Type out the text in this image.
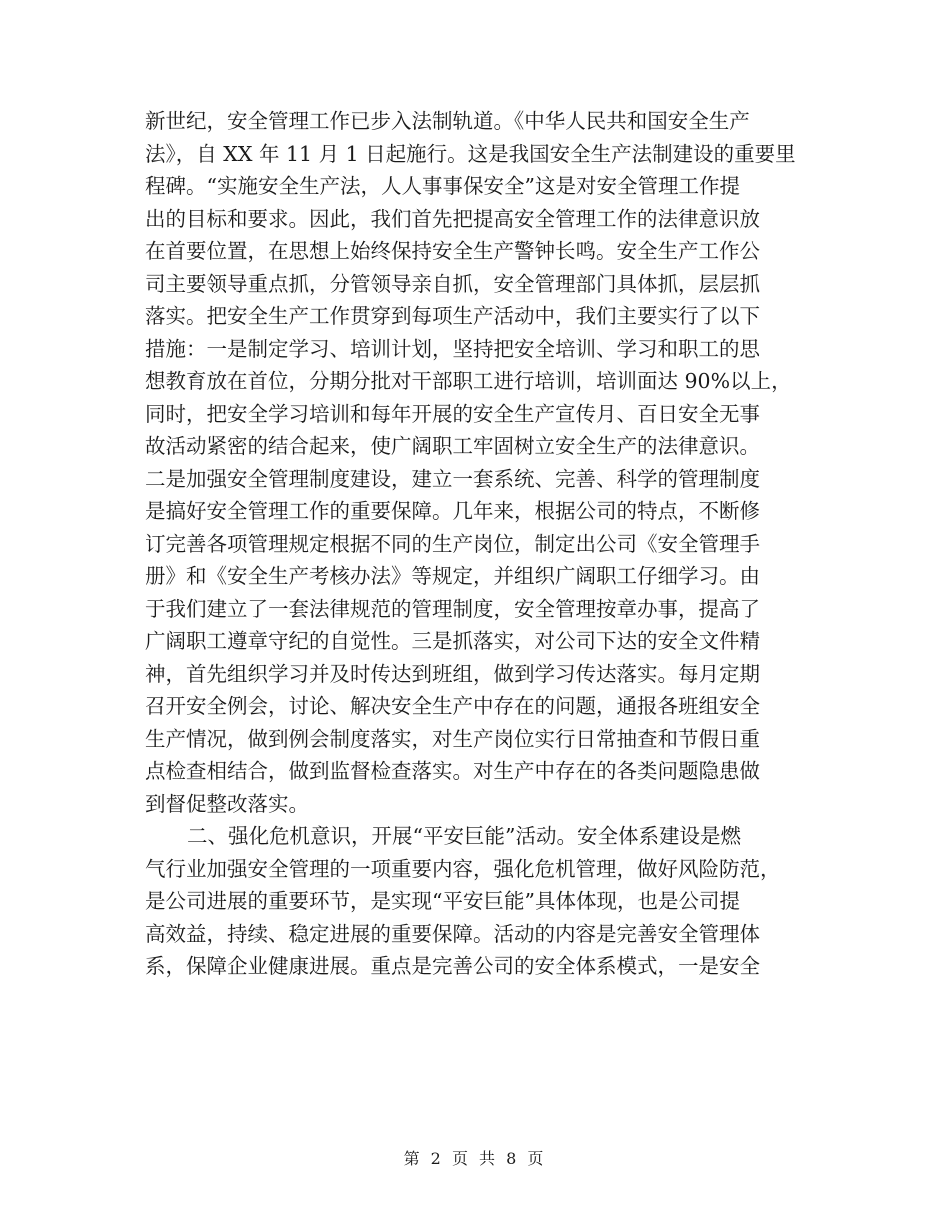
新世纪，安全管理工作已步入法制轨道。《中华人民共和国安全生产
法》，自 XX 年 11 月 1 日起施行。这是我国安全生产法制建设的重要里
程碑。“实施安全生产法，人人事事保安全”这是对安全管理工作提
出的目标和要求。因此，我们首先把提高安全管理工作的法律意识放
在首要位置，在思想上始终保持安全生产警钟长鸣。安全生产工作公
司主要领导重点抓，分管领导亲自抓，安全管理部门具体抓，层层抓
落实。把安全生产工作贯穿到每项生产活动中，我们主要实行了以下
措施：一是制定学习、培训计划，坚持把安全培训、学习和职工的思
想教育放在首位，分期分批对干部职工进行培训，培训面达 90%以上，
同时，把安全学习培训和每年开展的安全生产宣传月、百日安全无事
故活动紧密的结合起来，使广阔职工牢固树立安全生产的法律意识。
二是加强安全管理制度建设，建立一套系统、完善、科学的管理制度
是搞好安全管理工作的重要保障。几年来，根据公司的特点，不断修
订完善各项管理规定根据不同的生产岗位，制定出公司《安全管理手
册》和《安全生产考核办法》等规定，并组织广阔职工仔细学习。由
于我们建立了一套法律规范的管理制度，安全管理按章办事，提高了
广阔职工遵章守纪的自觉性。三是抓落实，对公司下达的安全文件精
神，首先组织学习并及时传达到班组，做到学习传达落实。每月定期
召开安全例会，讨论、解决安全生产中存在的问题，通报各班组安全
生产情况，做到例会制度落实，对生产岗位实行日常抽查和节假日重
点检查相结合，做到监督检查落实。对生产中存在的各类问题隐患做
到督促整改落实。
二、强化危机意识，开展“平安巨能”活动。安全体系建设是燃
气行业加强安全管理的一项重要内容，强化危机管理，做好风险防范，
是公司进展的重要环节，是实现“平安巨能”具体体现，也是公司提
高效益，持续、稳定进展的重要保障。活动的内容是完善安全管理体
系，保障企业健康进展。重点是完善公司的安全体系模式，一是安全
第 2 页 共 8 页
